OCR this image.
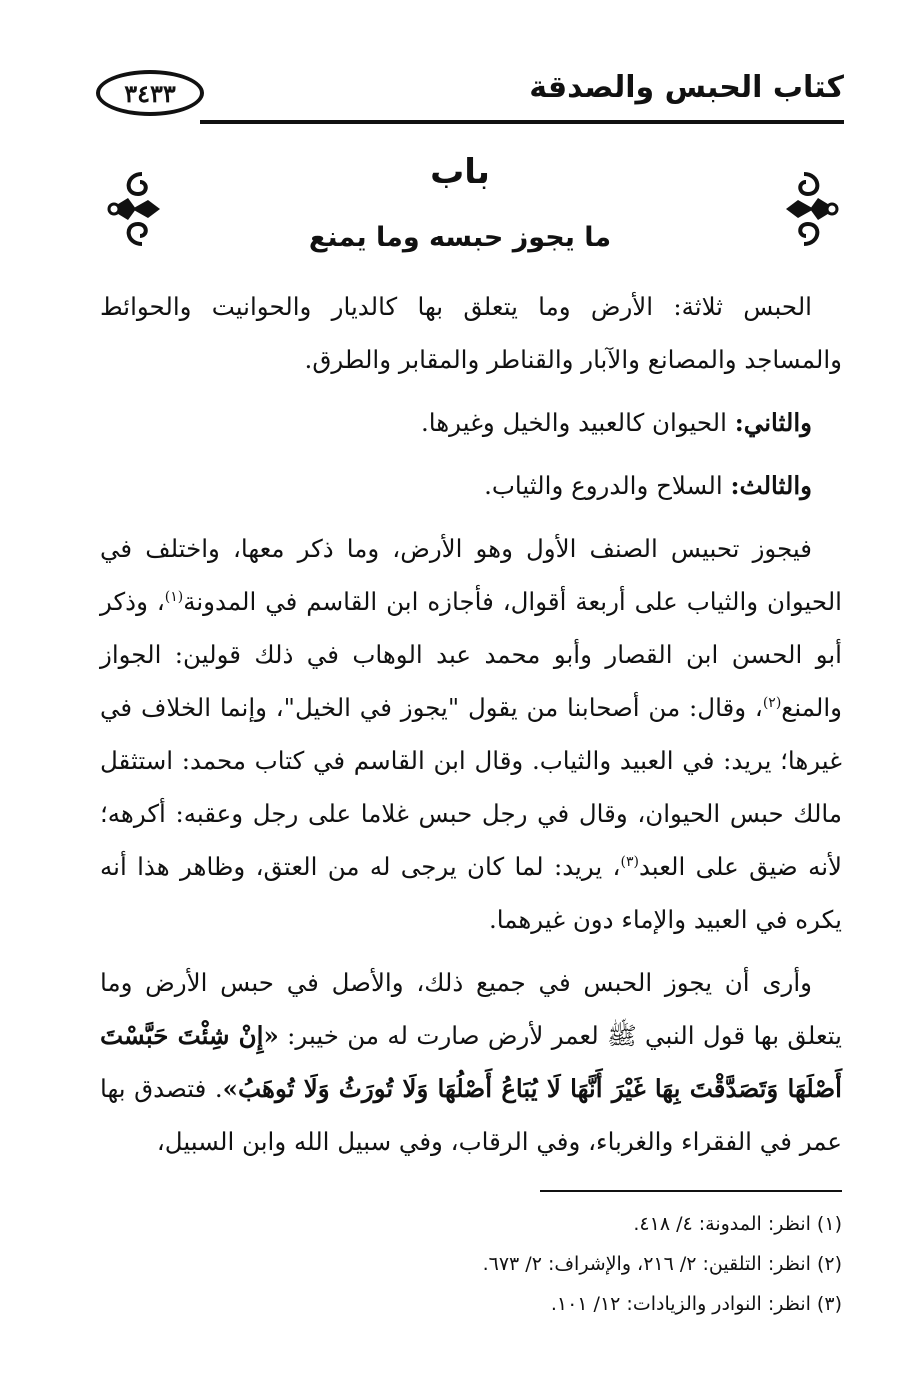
٣٤٣٣	كتاب الحبس والصدقة
باب
ما يجوز حبسه وما يمنع

الحبس ثلاثة: الأرض وما يتعلق بها كالديار والحوانيت والحوائط والمساجد والمصانع والآبار والقناطر والمقابر والطرق.

والثاني: الحيوان كالعبيد والخيل وغيرها.

والثالث: السلاح والدروع والثياب.

فيجوز تحبيس الصنف الأول وهو الأرض، وما ذكر معها، واختلف في الحيوان والثياب على أربعة أقوال، فأجازه ابن القاسم في المدونة$^{(١)}$، وذكر أبو الحسن ابن القصار وأبو محمد عبد الوهاب في ذلك قولين: الجواز والمنع$^{(٢)}$، وقال: من أصحابنا من يقول "يجوز في الخيل"، وإنما الخلاف في غيرها؛ يريد: في العبيد والثياب. وقال ابن القاسم في كتاب محمد: استثقل مالك حبس الحيوان، وقال في رجل حبس غلاما على رجل وعقبه: أكرهه؛ لأنه ضيق على العبد$^{(٣)}$، يريد: لما كان يرجى له من العتق، وظاهر هذا أنه يكره في العبيد والإماء دون غيرهما.

وأرى أن يجوز الحبس في جميع ذلك، والأصل في حبس الأرض وما يتعلق بها قول النبي ﷺ لعمر لأرض صارت له من خيبر: «إِنْ شِئْتَ حَبَّسْتَ أَصْلَهَا وَتَصَدَّقْتَ بِهَا غَيْرَ أَنَّهَا لَا يُبَاعُ أَصْلُهَا وَلَا تُورَثُ وَلَا تُوهَبُ». فتصدق بها عمر في الفقراء والغرباء، وفي الرقاب، وفي سبيل الله وابن السبيل،

(١) انظر: المدونة: ٤/ ٤١٨.
(٢) انظر: التلقين: ٢/ ٢١٦، والإشراف: ٢/ ٦٧٣.
(٣) انظر: النوادر والزيادات: ١٢/ ١٠١.
